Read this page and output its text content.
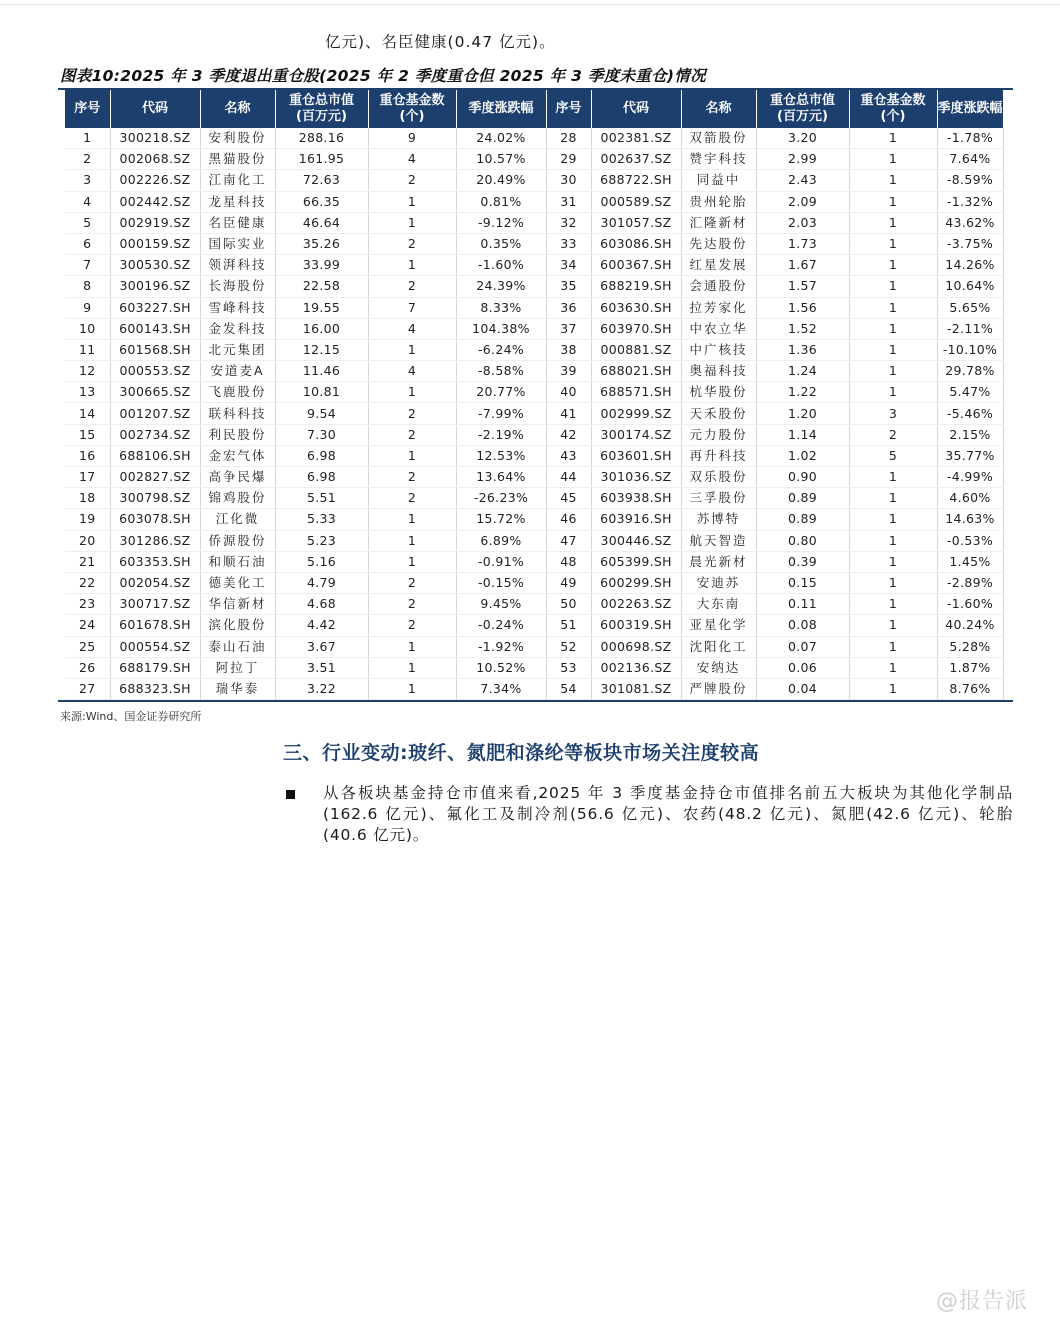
亿元)、名臣健康(0.47 亿元)。
图表10:2025 年 3 季度退出重仓股(2025 年 2 季度重仓但 2025 年 3 季度未重仓)情况
序号	代码	名称	重仓总市值
(百万元)	重仓基金数
(个)	季度涨跌幅	序号	代码	名称	重仓总市值
(百万元)	重仓基金数
(个)	季度涨跌幅
1	300218.SZ	安利股份	288.16	9	24.02%	28	002381.SZ	双箭股份	3.20	1	-1.78%
2	002068.SZ	黑猫股份	161.95	4	10.57%	29	002637.SZ	赞宇科技	2.99	1	7.64%
3	002226.SZ	江南化工	72.63	2	20.49%	30	688722.SH	同益中	2.43	1	-8.59%
4	002442.SZ	龙星科技	66.35	1	0.81%	31	000589.SZ	贵州轮胎	2.09	1	-1.32%
5	002919.SZ	名臣健康	46.64	1	-9.12%	32	301057.SZ	汇隆新材	2.03	1	43.62%
6	000159.SZ	国际实业	35.26	2	0.35%	33	603086.SH	先达股份	1.73	1	-3.75%
7	300530.SZ	领湃科技	33.99	1	-1.60%	34	600367.SH	红星发展	1.67	1	14.26%
8	300196.SZ	长海股份	22.58	2	24.39%	35	688219.SH	会通股份	1.57	1	10.64%
9	603227.SH	雪峰科技	19.55	7	8.33%	36	603630.SH	拉芳家化	1.56	1	5.65%
10	600143.SH	金发科技	16.00	4	104.38%	37	603970.SH	中农立华	1.52	1	-2.11%
11	601568.SH	北元集团	12.15	1	-6.24%	38	000881.SZ	中广核技	1.36	1	-10.10%
12	000553.SZ	安道麦A	11.46	4	-8.58%	39	688021.SH	奥福科技	1.24	1	29.78%
13	300665.SZ	飞鹿股份	10.81	1	20.77%	40	688571.SH	杭华股份	1.22	1	5.47%
14	001207.SZ	联科科技	9.54	2	-7.99%	41	002999.SZ	天禾股份	1.20	3	-5.46%
15	002734.SZ	利民股份	7.30	2	-2.19%	42	300174.SZ	元力股份	1.14	2	2.15%
16	688106.SH	金宏气体	6.98	1	12.53%	43	603601.SH	再升科技	1.02	5	35.77%
17	002827.SZ	高争民爆	6.98	2	13.64%	44	301036.SZ	双乐股份	0.90	1	-4.99%
18	300798.SZ	锦鸡股份	5.51	2	-26.23%	45	603938.SH	三孚股份	0.89	1	4.60%
19	603078.SH	江化微	5.33	1	15.72%	46	603916.SH	苏博特	0.89	1	14.63%
20	301286.SZ	侨源股份	5.23	1	6.89%	47	300446.SZ	航天智造	0.80	1	-0.53%
21	603353.SH	和顺石油	5.16	1	-0.91%	48	605399.SH	晨光新材	0.39	1	1.45%
22	002054.SZ	德美化工	4.79	2	-0.15%	49	600299.SH	安迪苏	0.15	1	-2.89%
23	300717.SZ	华信新材	4.68	2	9.45%	50	002263.SZ	大东南	0.11	1	-1.60%
24	601678.SH	滨化股份	4.42	2	-0.24%	51	600319.SH	亚星化学	0.08	1	40.24%
25	000554.SZ	泰山石油	3.67	1	-1.92%	52	000698.SZ	沈阳化工	0.07	1	5.28%
26	688179.SH	阿拉丁	3.51	1	10.52%	53	002136.SZ	安纳达	0.06	1	1.87%
27	688323.SH	瑞华泰	3.22	1	7.34%	54	301081.SZ	严牌股份	0.04	1	8.76%
来源:Wind、国金证券研究所
三、行业变动:玻纤、氮肥和涤纶等板块市场关注度较高
从各板块基金持仓市值来看,2025 年 3 季度基金持仓市值排名前五大板块为其他化学制品(162.6 亿元)、氟化工及制冷剂(56.6 亿元)、农药(48.2 亿元)、氮肥(42.6 亿元)、轮胎(40.6 亿元)。
@报告派
